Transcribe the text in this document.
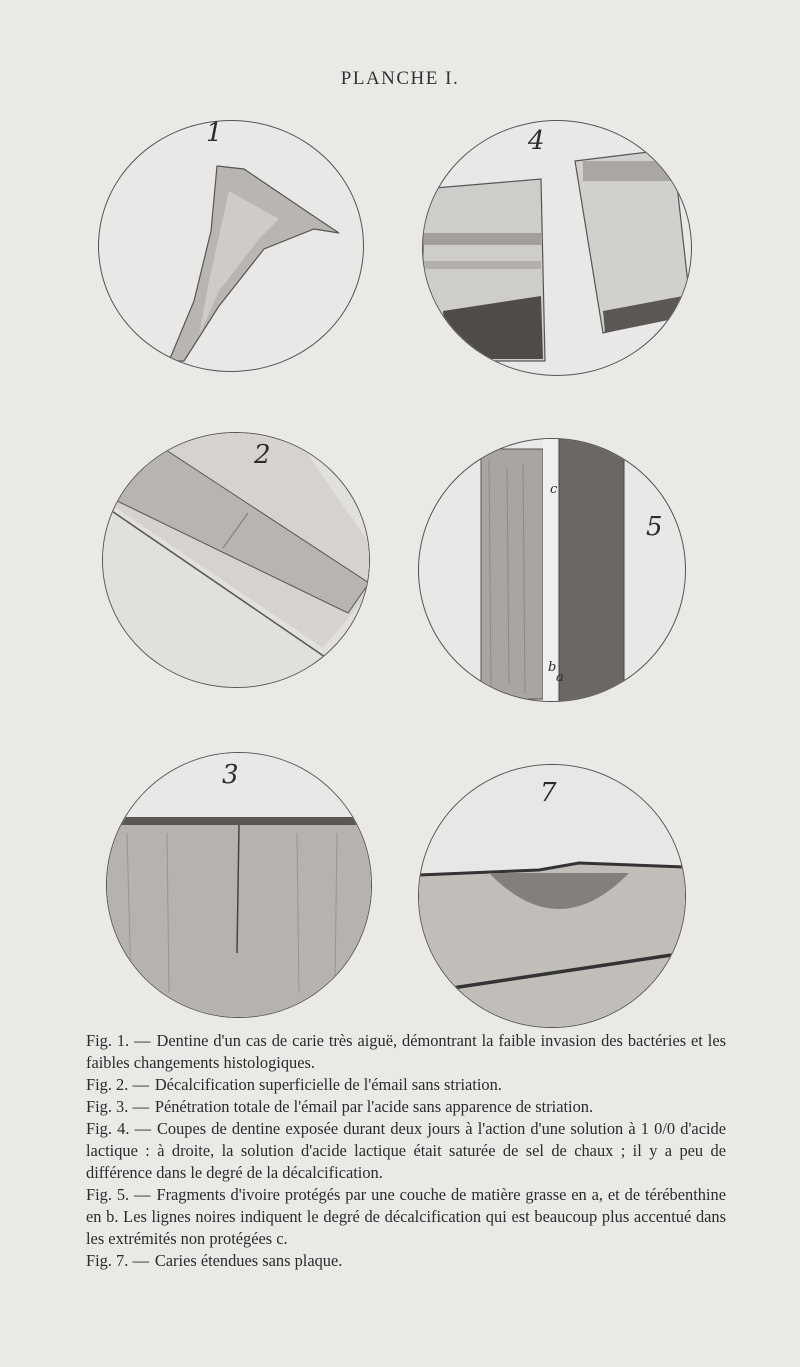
PLANCHE I.
1	4
2
5
c
b
a
3
7

Fig. 1. — Dentine d'un cas de carie très aiguë, démontrant la faible invasion des bactéries et les faibles changements histologiques.

Fig. 2. — Décalcification superficielle de l'émail sans striation.

Fig. 3. — Pénétration totale de l'émail par l'acide sans apparence de striation.

Fig. 4. — Coupes de dentine exposée durant deux jours à l'action d'une solution à 1 0/0 d'acide lactique : à droite, la solution d'acide lactique était saturée de sel de chaux ; il y a peu de différence dans le degré de la décalcification.

Fig. 5. — Fragments d'ivoire protégés par une couche de matière grasse en a, et de térébenthine en b. Les lignes noires indiquent le degré de décalcification qui est beaucoup plus accentué dans les extrémités non protégées c.

Fig. 7. — Caries étendues sans plaque.
